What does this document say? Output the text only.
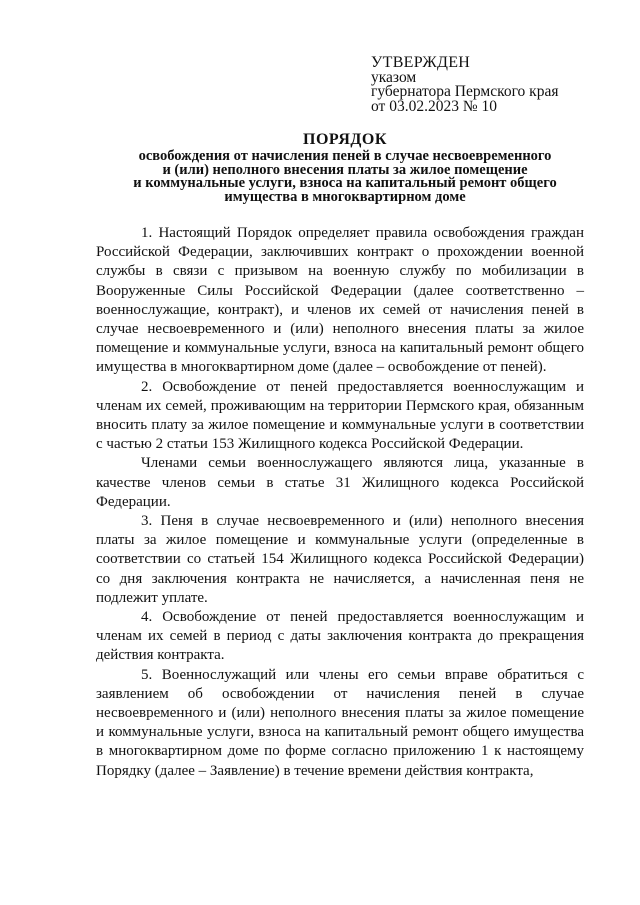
УТВЕРЖДЕН
указом
губернатора Пермского края
от 03.02.2023 № 10
ПОРЯДОК
освобождения от начисления пеней в случае несвоевременного
и (или) неполного внесения платы за жилое помещение
и коммунальные услуги, взноса на капитальный ремонт общего
имущества в многоквартирном доме

1. Настоящий Порядок определяет правила освобождения граждан Российской Федерации, заключивших контракт о прохождении военной службы в связи с призывом на военную службу по мобилизации в Вооруженные Силы Российской Федерации (далее соответственно – военнослужащие, контракт), и членов их семей от начисления пеней в случае несвоевременного и (или) неполного внесения платы за жилое помещение и коммунальные услуги, взноса на капитальный ремонт общего имущества в многоквартирном доме (далее – освобождение от пеней).

2. Освобождение от пеней предоставляется военнослужащим и членам их семей, проживающим на территории Пермского края, обязанным вносить плату за жилое помещение и коммунальные услуги в соответствии с частью 2 статьи 153 Жилищного кодекса Российской Федерации.

Членами семьи военнослужащего являются лица, указанные в качестве членов семьи в статье 31 Жилищного кодекса Российской Федерации.

3. Пеня в случае несвоевременного и (или) неполного внесения платы за жилое помещение и коммунальные услуги (определенные в соответствии со статьей 154 Жилищного кодекса Российской Федерации) со дня заключения контракта не начисляется, а начисленная пеня не подлежит уплате.

4. Освобождение от пеней предоставляется военнослужащим и членам их семей в период с даты заключения контракта до прекращения действия контракта.

5. Военнослужащий или члены его семьи вправе обратиться с заявлением об освобождении от начисления пеней в случае несвоевременного и (или) неполного внесения платы за жилое помещение и коммунальные услуги, взноса на капитальный ремонт общего имущества в многоквартирном доме по форме согласно приложению 1 к настоящему Порядку (далее – Заявление) в течение времени действия контракта,
